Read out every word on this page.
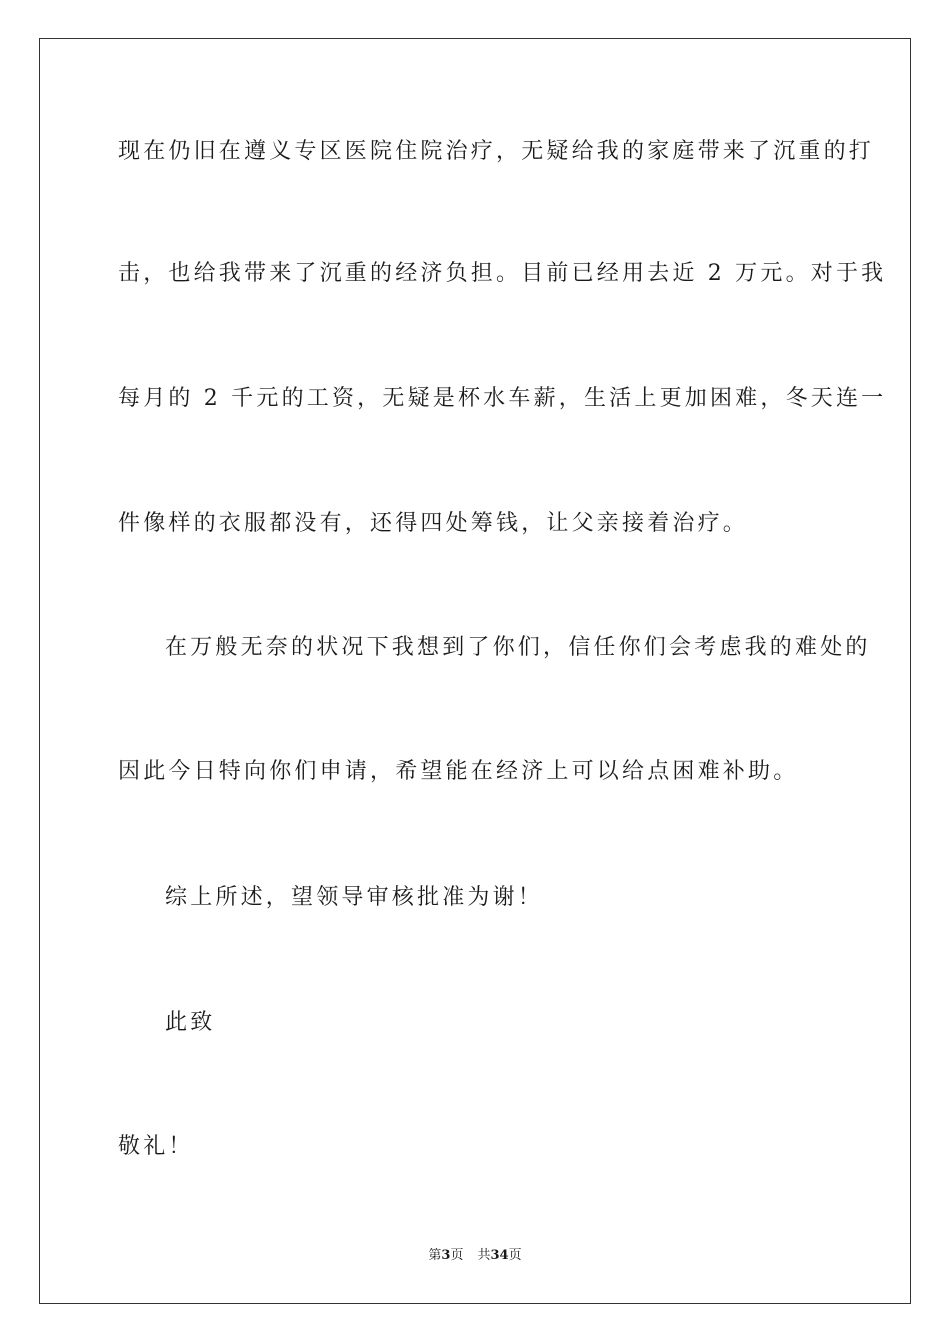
现在仍旧在遵义专区医院住院治疗，无疑给我的家庭带来了沉重的打
击，也给我带来了沉重的经济负担。目前已经用去近 2 万元。对于我
每月的 2 千元的工资，无疑是杯水车薪，生活上更加困难，冬天连一
件像样的衣服都没有，还得四处筹钱，让父亲接着治疗。
在万般无奈的状况下我想到了你们，信任你们会考虑我的难处的
因此今日特向你们申请，希望能在经济上可以给点困难补助。
综上所述，望领导审核批准为谢！
此致
敬礼！
第3页 共34页
